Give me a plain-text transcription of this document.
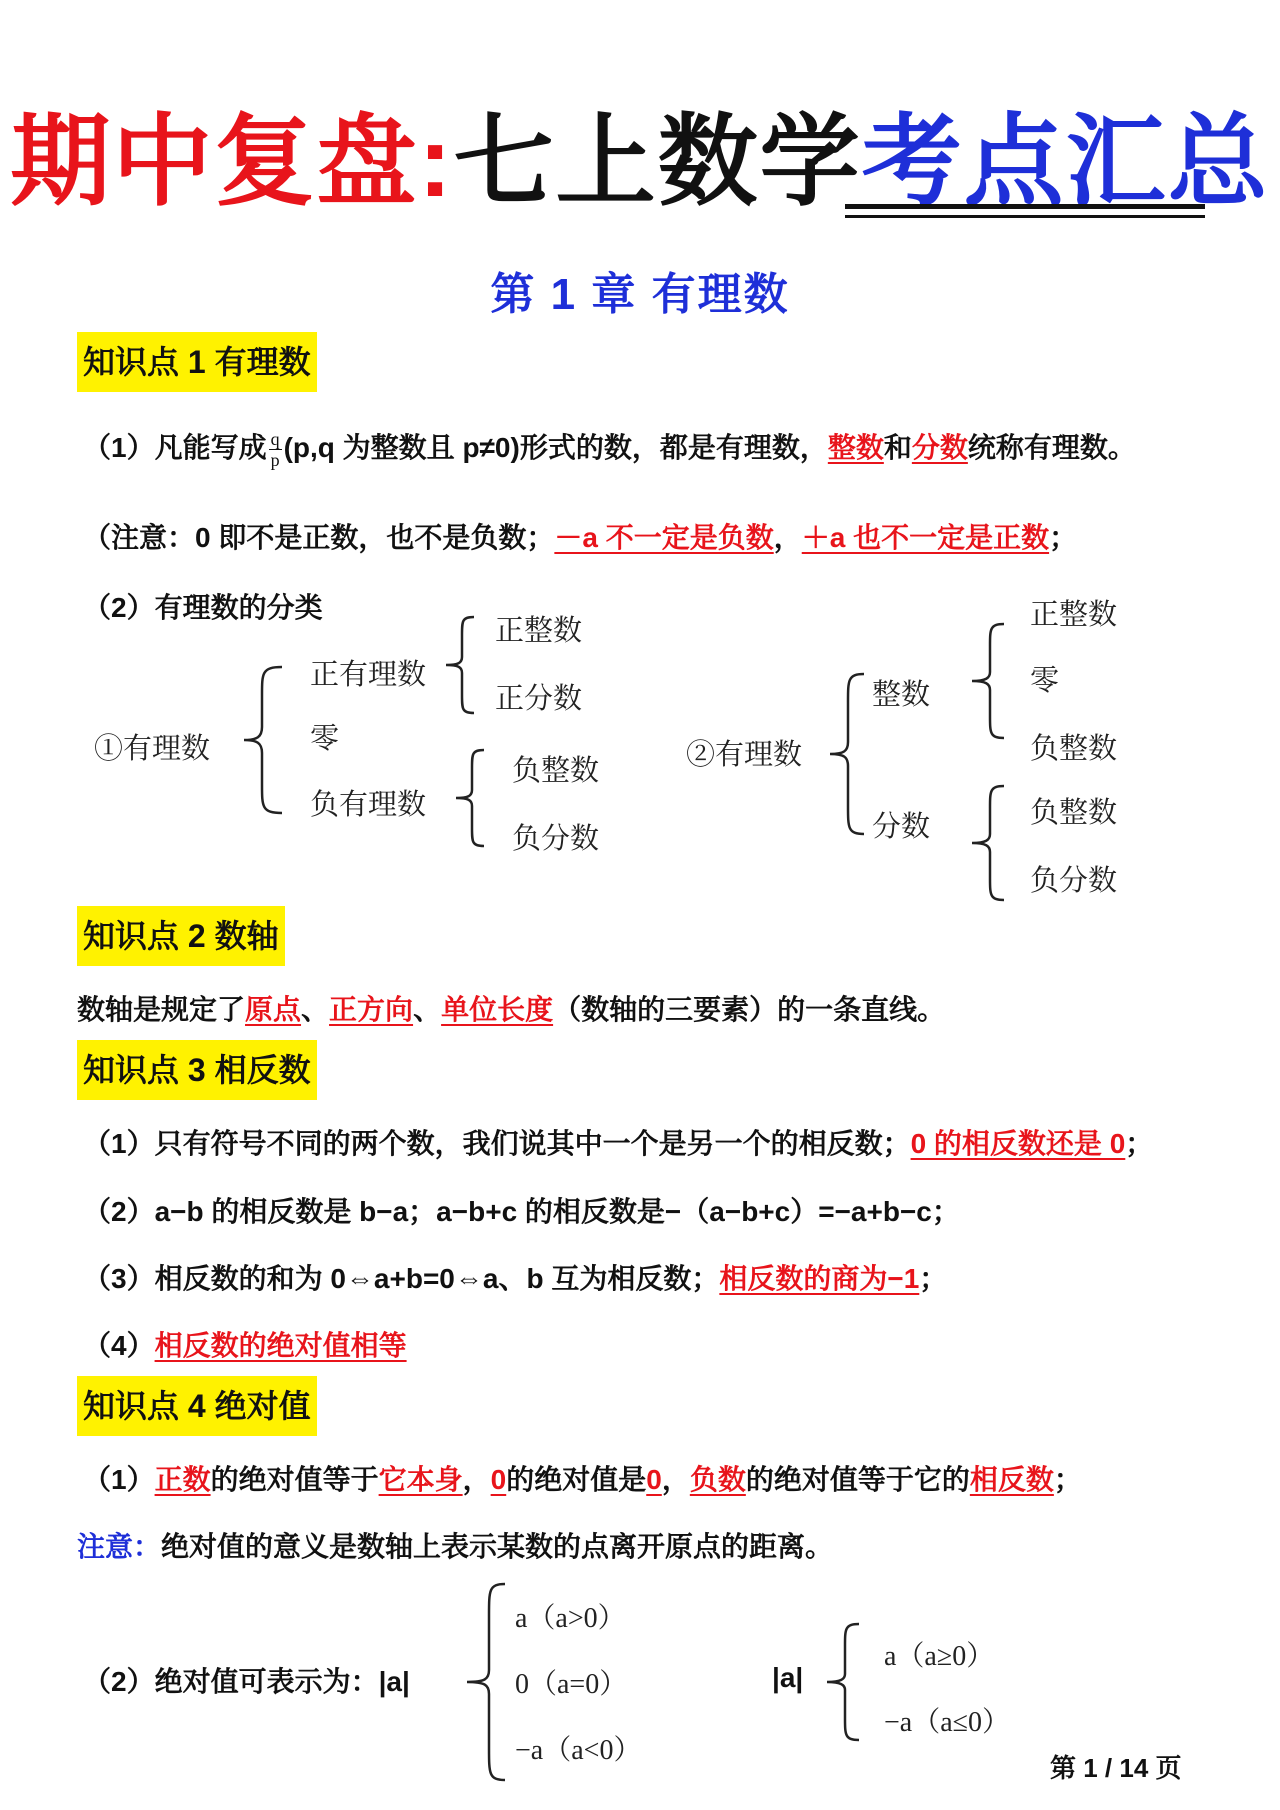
期中复盘:七上数学考点汇总
第 1 章 有理数
知识点 1 有理数
（1）凡能写成 $\frac{q}{p} (p,q$ 为整数且 p≠0)形式的数，都是有理数，整数和分数统称有理数。
（注意：0 即不是正数，也不是负数；－a 不一定是负数，＋a 也不一定是正数；
（2）有理数的分类
①有理数
正有理数
零
负有理数
正整数
正分数
负整数
负分数
②有理数
整数
分数
正整数
零
负整数
负整数
负分数
知识点 2 数轴
数轴是规定了原点、正方向、单位长度（数轴的三要素）的一条直线。
知识点 3 相反数
（1）只有符号不同的两个数，我们说其中一个是另一个的相反数；0 的相反数还是 0；
（2）a−b 的相反数是 b−a；a−b+c 的相反数是−（a−b+c）=−a+b−c；
（3）相反数的和为 0⇔a+b=0⇔a、b 互为相反数；相反数的商为−1；
（4）相反数的绝对值相等
知识点 4 绝对值
（1）正数的绝对值等于它本身，0的绝对值是0，负数的绝对值等于它的相反数；
注意：绝对值的意义是数轴上表示某数的点离开原点的距离。
（2）绝对值可表示为：|a|
a（a>0）
0（a=0）
−a（a<0）
|a|
a（a≥0）
−a（a≤0）
第 1 / 14 页
